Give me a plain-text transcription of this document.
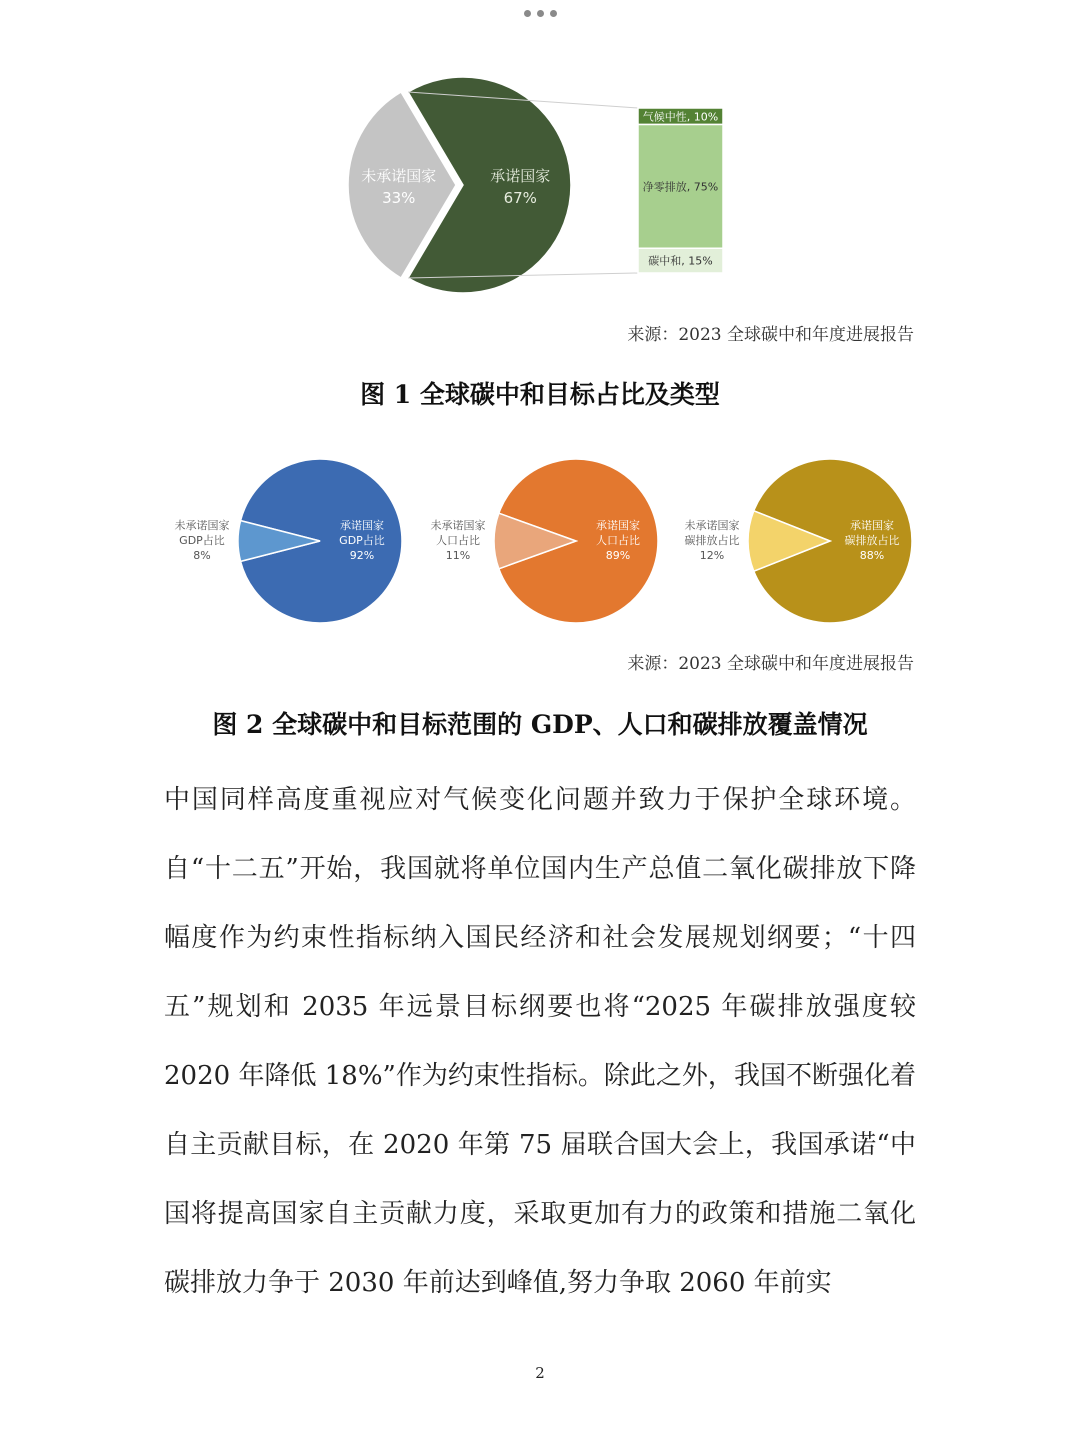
承诺国家
67%
未承诺国家
33%
气候中性, 10%
净零排放, 75%
碳中和, 15%
来源：2023 全球碳中和年度进展报告
图 1 全球碳中和目标占比及类型
承诺国家 GDP占比 92%
未承诺国家 GDP占比 8%
承诺国家人口占比 89%
未承诺国家人口占比 11%
承诺国家碳排放占比 88%
未承诺国家碳排放占比 12%
来源：2023 全球碳中和年度进展报告
图 2 全球碳中和目标范围的 GDP、人口和碳排放覆盖情况

中国同样高度重视应对气候变化问题并致力于保护全球环境。自“十二五”开始，我国就将单位国内生产总值二氧化碳排放下降幅度作为约束性指标纳入国民经济和社会发展规划纲要；“十四五”规划和 2035 年远景目标纲要也将“2025 年碳排放强度较 2020 年降低 18%”作为约束性指标。除此之外，我国不断强化着自主贡献目标，在 2020 年第 75 届联合国大会上，我国承诺“中国将提高国家自主贡献力度，采取更加有力的政策和措施二氧化碳排放力争于 2030 年前达到峰值,努力争取 2060 年前实

2
